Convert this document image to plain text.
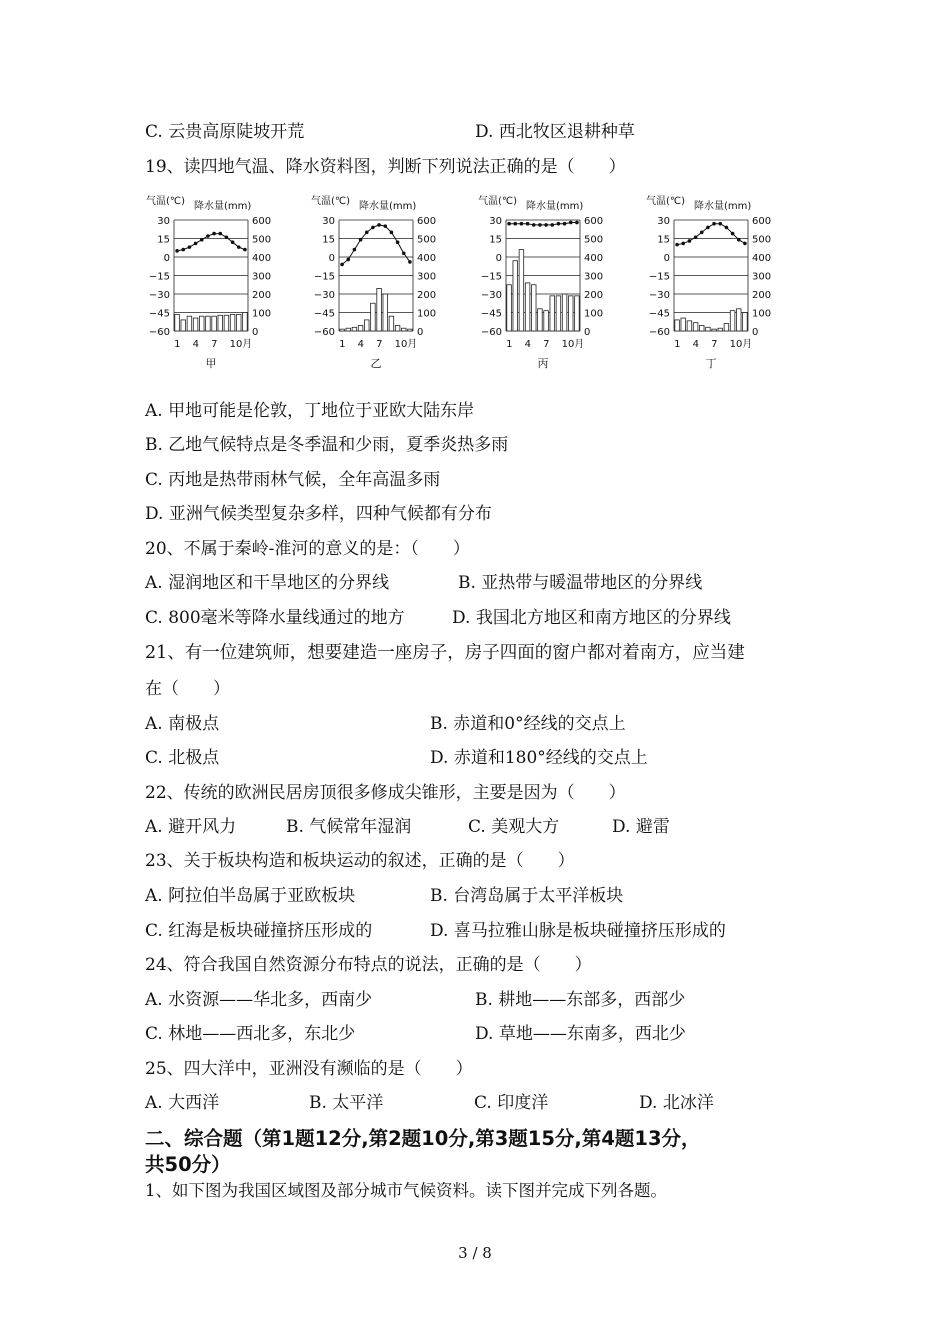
C. 云贵高原陡坡开荒	D. 西北牧区退耕种草
19、读四地气温、降水资料图，判断下列说法正确的是（　　）
气温(℃) 降水量(mm)
30	600
15	500
0	400
−15	300
−30	200
−45	100
−60	0
1 4 7 10月
甲
气温(℃) 降水量(mm)
30	600
15	500
0	400
−15	300
−30	200
−45	100
−60	0
1 4 7 10月
乙
气温(℃) 降水量(mm)
30	600
15	500
0	400
−15	300
−30	200
−45	100
−60	0
1 4 7 10月
丙
气温(℃) 降水量(mm)
30	600
15	500
0	400
−15	300
−30	200
−45	100
−60	0
1 4 7 10月
丁
A. 甲地可能是伦敦，丁地位于亚欧大陆东岸
B. 乙地气候特点是冬季温和少雨，夏季炎热多雨
C. 丙地是热带雨林气候，全年高温多雨
D. 亚洲气候类型复杂多样，四种气候都有分布
20、不属于秦岭-淮河的意义的是：（　　）
A. 湿润地区和干旱地区的分界线	B. 亚热带与暖温带地区的分界线
C. 800毫米等降水量线通过的地方	D. 我国北方地区和南方地区的分界线
21、有一位建筑师，想要建造一座房子，房子四面的窗户都对着南方，应当建
在（　　）
A. 南极点	B. 赤道和0°经线的交点上
C. 北极点	D. 赤道和180°经线的交点上
22、传统的欧洲民居房顶很多修成尖锥形，主要是因为（　　）
A. 避开风力	B. 气候常年湿润	C. 美观大方	D. 避雷
23、关于板块构造和板块运动的叙述，正确的是（　　）
A. 阿拉伯半岛属于亚欧板块	B. 台湾岛属于太平洋板块
C. 红海是板块碰撞挤压形成的	D. 喜马拉雅山脉是板块碰撞挤压形成的
24、符合我国自然资源分布特点的说法，正确的是（　　）
A. 水资源——华北多，西南少	B. 耕地——东部多，西部少
C. 林地——西北多，东北少	D. 草地——东南多，西北少
25、四大洋中，亚洲没有濒临的是（　　）
A. 大西洋	B. 太平洋	C. 印度洋	D. 北冰洋
二、综合题（第1题12分,第2题10分,第3题15分,第4题13分，
共50分）
1、如下图为我国区域图及部分城市气候资料。读下图并完成下列各题。
3 / 8
